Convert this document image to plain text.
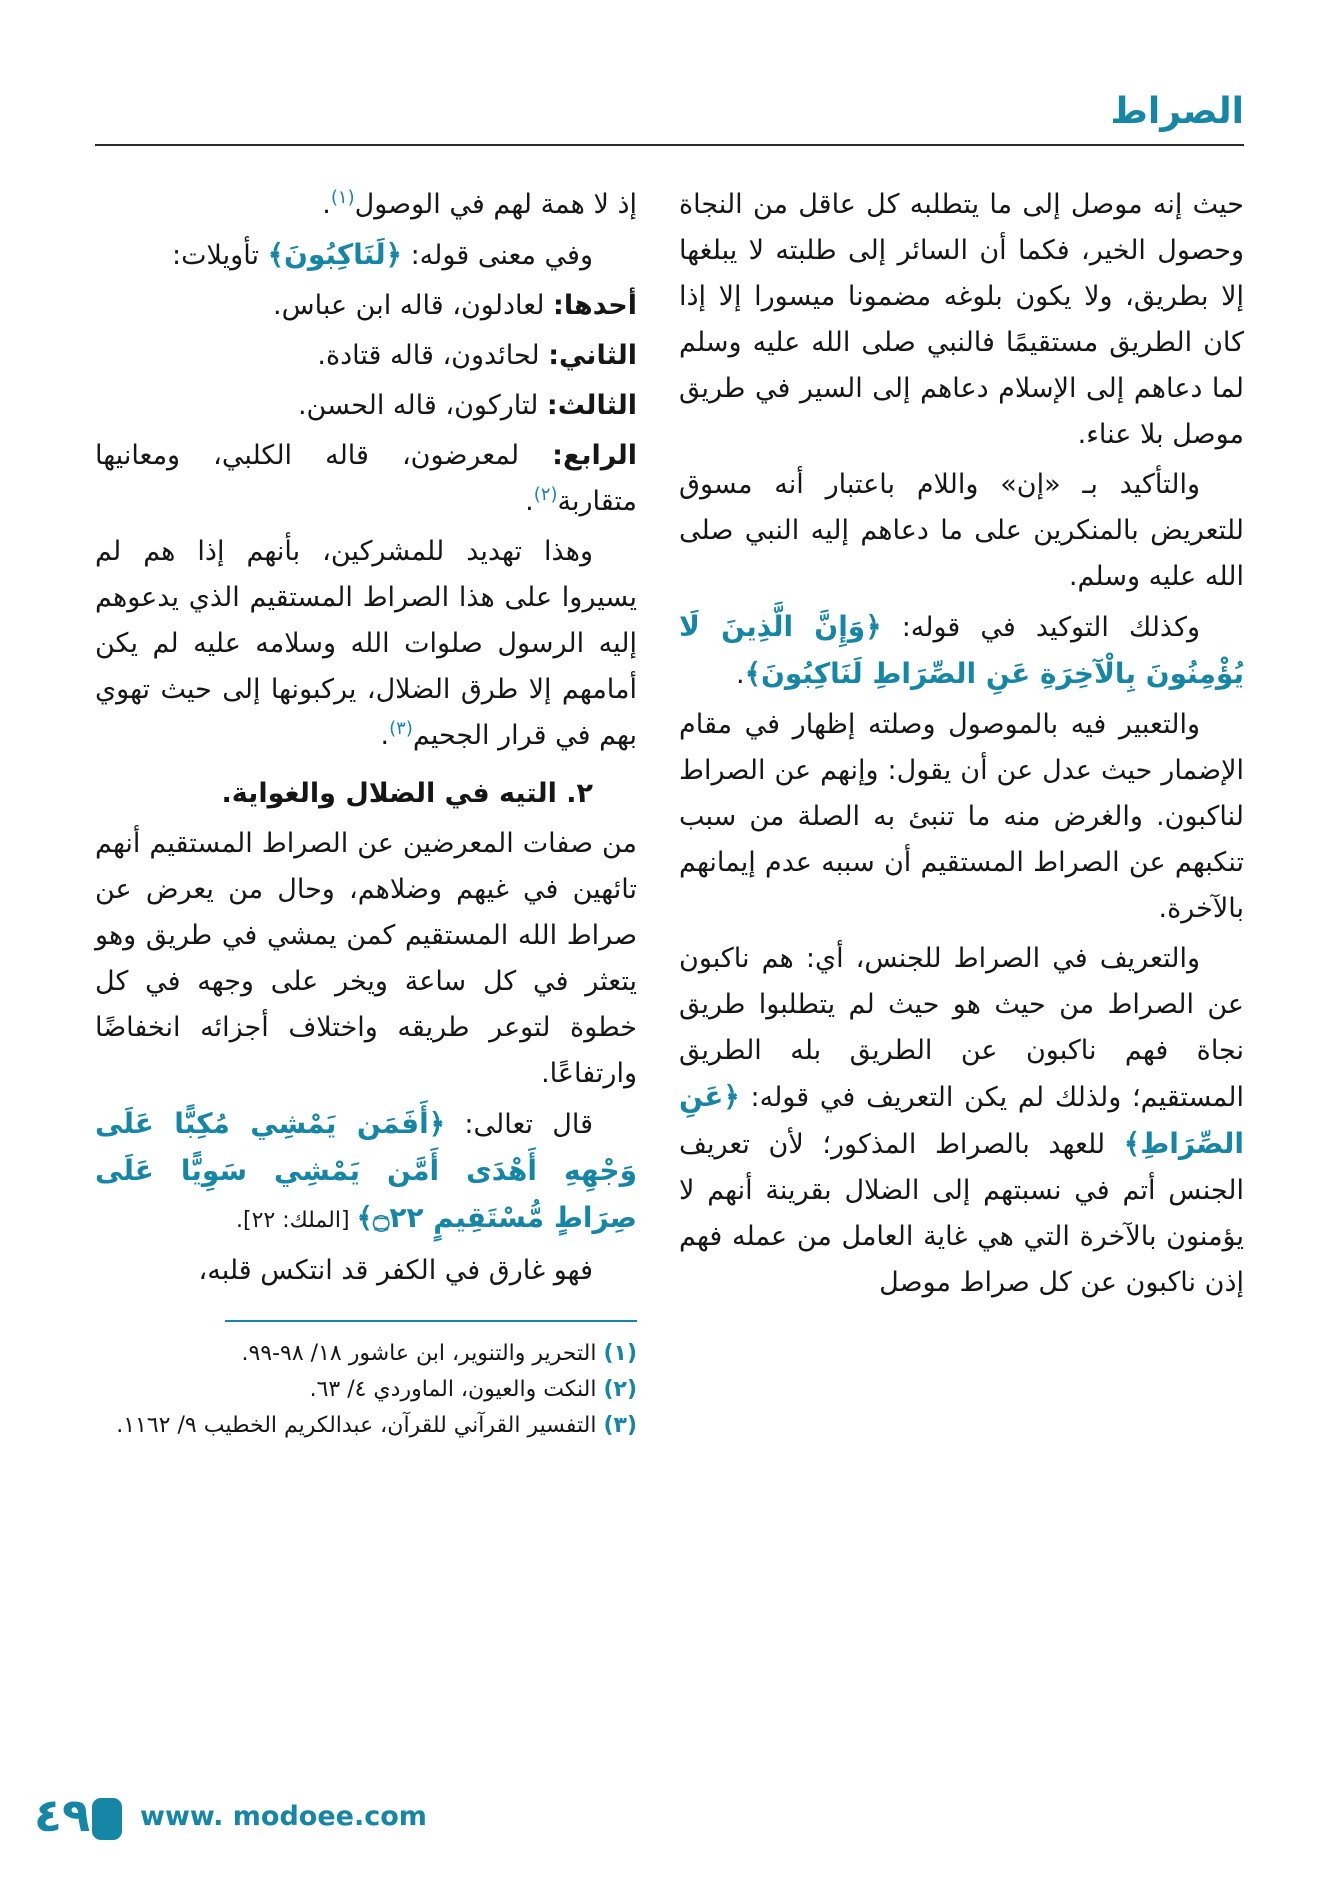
الصراط

حيث إنه موصل إلى ما يتطلبه كل عاقل من النجاة وحصول الخير، فكما أن السائر إلى طلبته لا يبلغها إلا بطريق، ولا يكون بلوغه مضمونا ميسورا إلا إذا كان الطريق مستقيمًا فالنبي صلى الله عليه وسلم لما دعاهم إلى الإسلام دعاهم إلى السير في طريق موصل بلا عناء.

والتأكيد بـ «إن» واللام باعتبار أنه مسوق للتعريض بالمنكرين على ما دعاهم إليه النبي صلى الله عليه وسلم.

وكذلك التوكيد في قوله: ﴿وَإِنَّ الَّذِينَ لَا يُؤْمِنُونَ بِالْآخِرَةِ عَنِ الصِّرَاطِ لَنَاكِبُونَ﴾.

والتعبير فيه بالموصول وصلته إظهار في مقام الإضمار حيث عدل عن أن يقول: وإنهم عن الصراط لناكبون. والغرض منه ما تنبئ به الصلة من سبب تنكبهم عن الصراط المستقيم أن سببه عدم إيمانهم بالآخرة.

والتعريف في الصراط للجنس، أي: هم ناكبون عن الصراط من حيث هو حيث لم يتطلبوا طريق نجاة فهم ناكبون عن الطريق بله الطريق المستقيم؛ ولذلك لم يكن التعريف في قوله: ﴿عَنِ الصِّرَاطِ﴾ للعهد بالصراط المذكور؛ لأن تعريف الجنس أتم في نسبتهم إلى الضلال بقرينة أنهم لا يؤمنون بالآخرة التي هي غاية العامل من عمله فهم إذن ناكبون عن كل صراط موصل

إذ لا همة لهم في الوصول$^{(١)}$.

وفي معنى قوله: ﴿لَنَاكِبُونَ﴾ تأويلات:

أحدها: لعادلون، قاله ابن عباس.

الثاني: لحائدون، قاله قتادة.

الثالث: لتاركون، قاله الحسن.

الرابع: لمعرضون، قاله الكلبي، ومعانيها متقاربة$^{(٢)}$.

وهذا تهديد للمشركين، بأنهم إذا هم لم يسيروا على هذا الصراط المستقيم الذي يدعوهم إليه الرسول صلوات الله وسلامه عليه لم يكن أمامهم إلا طرق الضلال، يركبونها إلى حيث تهوي بهم في قرار الجحيم$^{(٣)}$.

٢. التيه في الضلال والغواية.

من صفات المعرضين عن الصراط المستقيم أنهم تائهين في غيهم وضلاهم، وحال من يعرض عن صراط الله المستقيم كمن يمشي في طريق وهو يتعثر في كل ساعة ويخر على وجهه في كل خطوة لتوعر طريقه واختلاف أجزائه انخفاضًا وارتفاعًا.

قال تعالى: ﴿أَفَمَن يَمْشِي مُكِبًّا عَلَى وَجْهِهِ أَهْدَى أَمَّن يَمْشِي سَوِيًّا عَلَى صِرَاطٍ مُّسْتَقِيمٍ ۝٢٢﴾ [الملك: ٢٢].

فهو غارق في الكفر قد انتكس قلبه،

(١) التحرير والتنوير، ابن عاشور ١٨/ ٩٨-٩٩.
(٢) النكت والعيون، الماوردي ٤/ ٦٣.
(٣) التفسير القرآني للقرآن، عبدالكريم الخطيب ٩/ ١١٦٢.
٤٩ www. modoee.com
